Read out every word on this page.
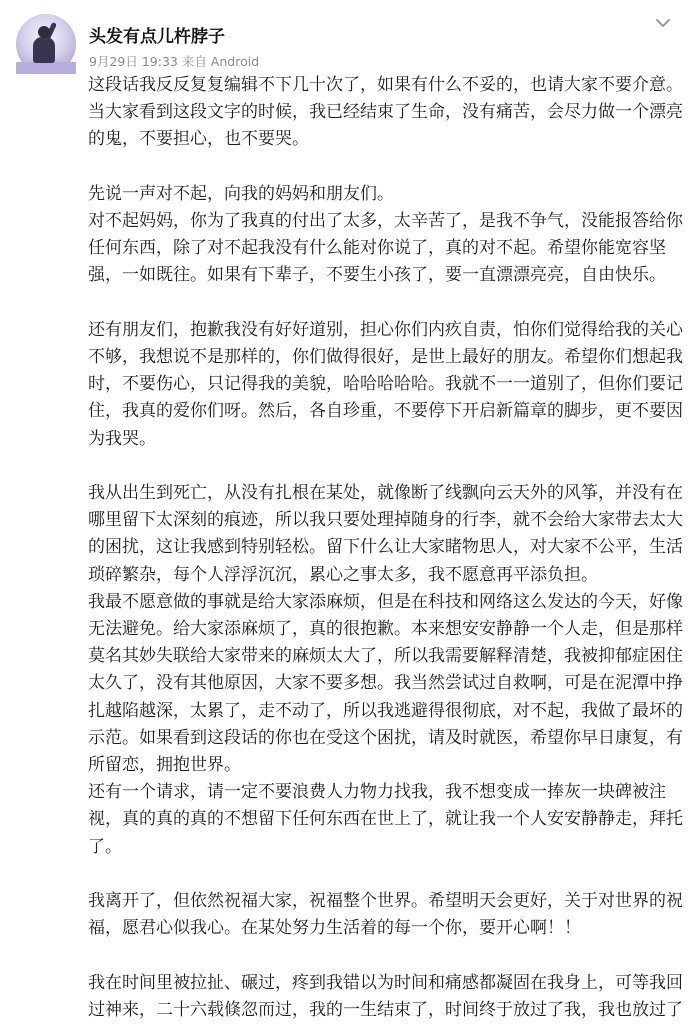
头发有点儿杵脖子
9月29日 19:33 来自 Android

这段话我反反复复编辑不下几十次了，如果有什么不妥的，也请大家不要介意。

当大家看到这段文字的时候，我已经结束了生命，没有痛苦，会尽力做一个漂亮

的鬼，不要担心，也不要哭。

先说一声对不起，向我的妈妈和朋友们。

对不起妈妈，你为了我真的付出了太多，太辛苦了，是我不争气，没能报答给你

任何东西，除了对不起我没有什么能对你说了，真的对不起。希望你能宽容坚

强，一如既往。如果有下辈子，不要生小孩了，要一直漂漂亮亮，自由快乐。

还有朋友们，抱歉我没有好好道别，担心你们内疚自责，怕你们觉得给我的关心

不够，我想说不是那样的，你们做得很好，是世上最好的朋友。希望你们想起我

时，不要伤心，只记得我的美貌，哈哈哈哈哈。我就不一一道别了，但你们要记

住，我真的爱你们呀。然后，各自珍重，不要停下开启新篇章的脚步，更不要因

为我哭。

我从出生到死亡，从没有扎根在某处，就像断了线飘向云天外的风筝，并没有在

哪里留下太深刻的痕迹，所以我只要处理掉随身的行李，就不会给大家带去太大

的困扰，这让我感到特别轻松。留下什么让大家睹物思人，对大家不公平，生活

琐碎繁杂，每个人浮浮沉沉，累心之事太多，我不愿意再平添负担。

我最不愿意做的事就是给大家添麻烦，但是在科技和网络这么发达的今天，好像

无法避免。给大家添麻烦了，真的很抱歉。本来想安安静静一个人走，但是那样

莫名其妙失联给大家带来的麻烦太大了，所以我需要解释清楚，我被抑郁症困住

太久了，没有其他原因，大家不要多想。我当然尝试过自救啊，可是在泥潭中挣

扎越陷越深，太累了，走不动了，所以我逃避得很彻底，对不起，我做了最坏的

示范。如果看到这段话的你也在受这个困扰，请及时就医，希望你早日康复，有

所留恋，拥抱世界。

还有一个请求，请一定不要浪费人力物力找我，我不想变成一捧灰一块碑被注

视，真的真的真的不想留下任何东西在世上了，就让我一个人安安静静走，拜托

了。

我离开了，但依然祝福大家，祝福整个世界。希望明天会更好，关于对世界的祝

福，愿君心似我心。在某处努力生活着的每一个你，要开心啊！！

我在时间里被拉扯、碾过，疼到我错以为时间和痛感都凝固在我身上，可等我回

过神来，二十六载倏忽而过，我的一生结束了，时间终于放过了我，我也放过了
